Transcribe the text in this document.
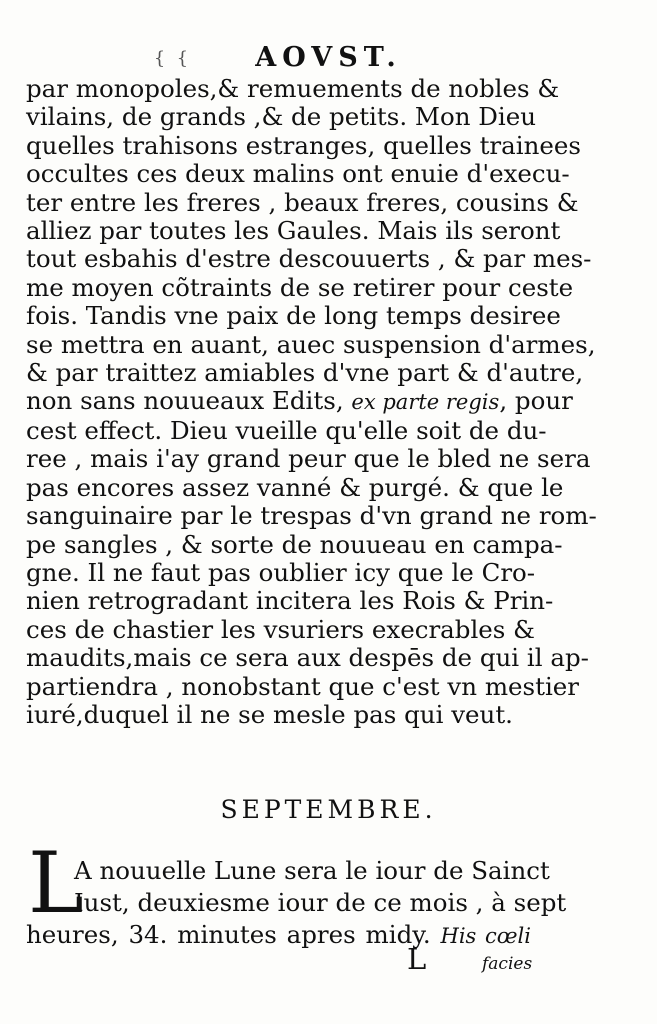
{  {	AOVST.
par monopoles,& remuements de nobles &
vilains, de grands ,& de petits. Mon Dieu
quelles trahisons estranges, quelles trainees
occultes ces deux malins ont enuie d'execu-
ter entre les freres , beaux freres, cousins &
alliez par toutes les Gaules. Mais ils seront
tout esbahis d'estre descouuerts , & par mes-
me moyen cõtraints de se retirer pour ceste
fois. Tandis vne paix de long temps desiree
se mettra en auant, auec suspension d'armes,
& par traittez amiables d'vne part & d'autre,
non sans nouueaux Edits, ex parte regis, pour
cest effect. Dieu vueille qu'elle soit de du-
ree , mais i'ay grand peur que le bled ne sera
pas encores assez vanné & purgé. & que le
sanguinaire par le trespas d'vn grand ne rom-
pe sangles , & sorte de nouueau en campa-
gne. Il ne faut pas oublier icy que le Cro-
nien retrogradant incitera les Rois & Prin-
ces de chastier les vsuriers execrables &
maudits,mais ce sera aux despēs de qui il ap-
partiendra , nonobstant que c'est vn mestier
iuré,duquel il ne se mesle pas qui veut.
SEPTEMBRE.
L
A nouuelle Lune sera le iour de Sainct
Iust, deuxiesme iour de ce mois , à sept
heures, 34. minutes apres midy. His cœli
L	facies
